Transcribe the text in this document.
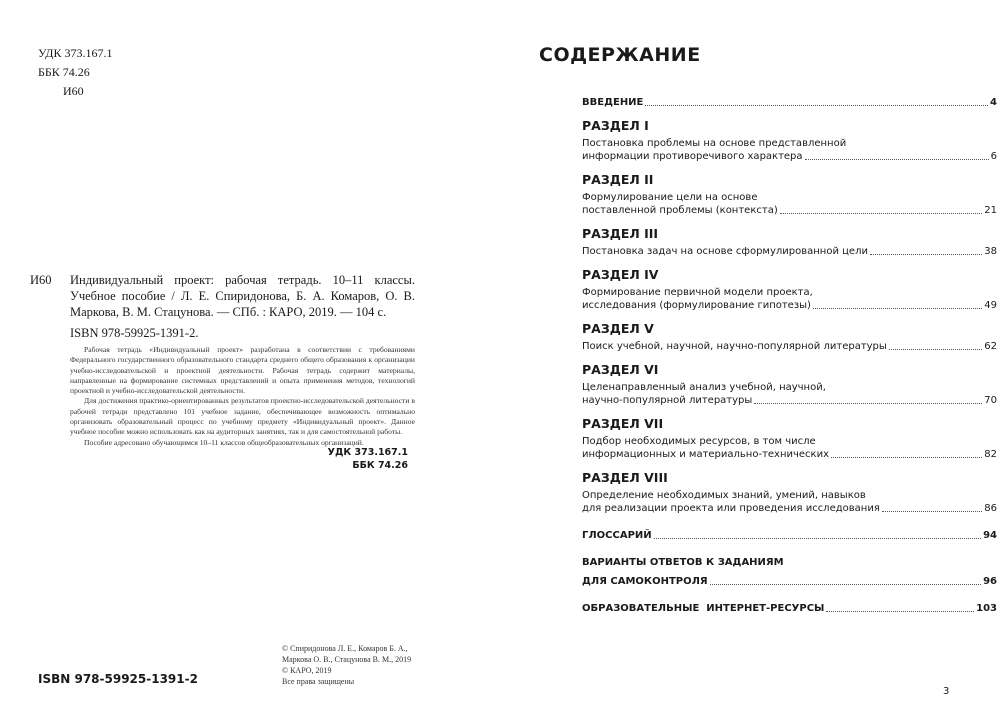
УДК 373.167.1
ББК 74.26
И60
И60	Индивидуальный проект: рабочая тетрадь. 10–11 классы. Учебное пособие / Л. Е. Спиридонова, Б. А. Комаров, О. В. Маркова, В. М. Стацунова. — СПб. : КАРО, 2019. — 104 с.
ISBN 978-59925-1391-2.

Рабочая тетрадь «Индивидуальный проект» разработана в соответствии с требованиями Федерального государственного образовательного стандарта среднего общего образования к организации учебно-исследовательской и проектной деятельности. Рабочая тетрадь содержит материалы, направленные на формирование системных представлений и опыта применения методов, технологий проектной и учебно-исследовательской деятельности.

Для достижения практико-ориентированных результатов проектно-исследовательской деятельности в рабочей тетради представлено 101 учебное задание, обеспечивающее возможность оптимально организовать образовательный процесс по учебному предмету «Индивидуальный проект». Данное учебное пособие можно использовать как на аудиторных занятиях, так и для самостоятельной работы.

Пособие адресовано обучающимся 10–11 классов общеобразовательных организаций.

УДК 373.167.1
ББК 74.26
© Спиридонова Л. Е., Комаров Б. А.,
Маркова О. В., Стацунова В. М., 2019
© КАРО, 2019
Все права защищены
ISBN 978-59925-1391-2
СОДЕРЖАНИЕ
ВВЕДЕНИЕ	4
РАЗДЕЛ I
Постановка проблемы на основе представленной
информации противоречивого характера	6
РАЗДЕЛ II
Формулирование цели на основе
поставленной проблемы (контекста)	21
РАЗДЕЛ III
Постановка задач на основе сформулированной цели	38
РАЗДЕЛ IV
Формирование первичной модели проекта,
исследования (формулирование гипотезы)	49
РАЗДЕЛ V
Поиск учебной, научной, научно-популярной литературы	62
РАЗДЕЛ VI
Целенаправленный анализ учебной, научной,
научно-популярной литературы	70
РАЗДЕЛ VII
Подбор необходимых ресурсов, в том числе
информационных и материально-технических	82
РАЗДЕЛ VIII
Определение необходимых знаний, умений, навыков
для реализации проекта или проведения исследования	86
ГЛОССАРИЙ	94
ВАРИАНТЫ ОТВЕТОВ К ЗАДАНИЯМ
ДЛЯ САМОКОНТРОЛЯ	96
ОБРАЗОВАТЕЛЬНЫЕ  ИНТЕРНЕТ-РЕСУРСЫ	103
3
